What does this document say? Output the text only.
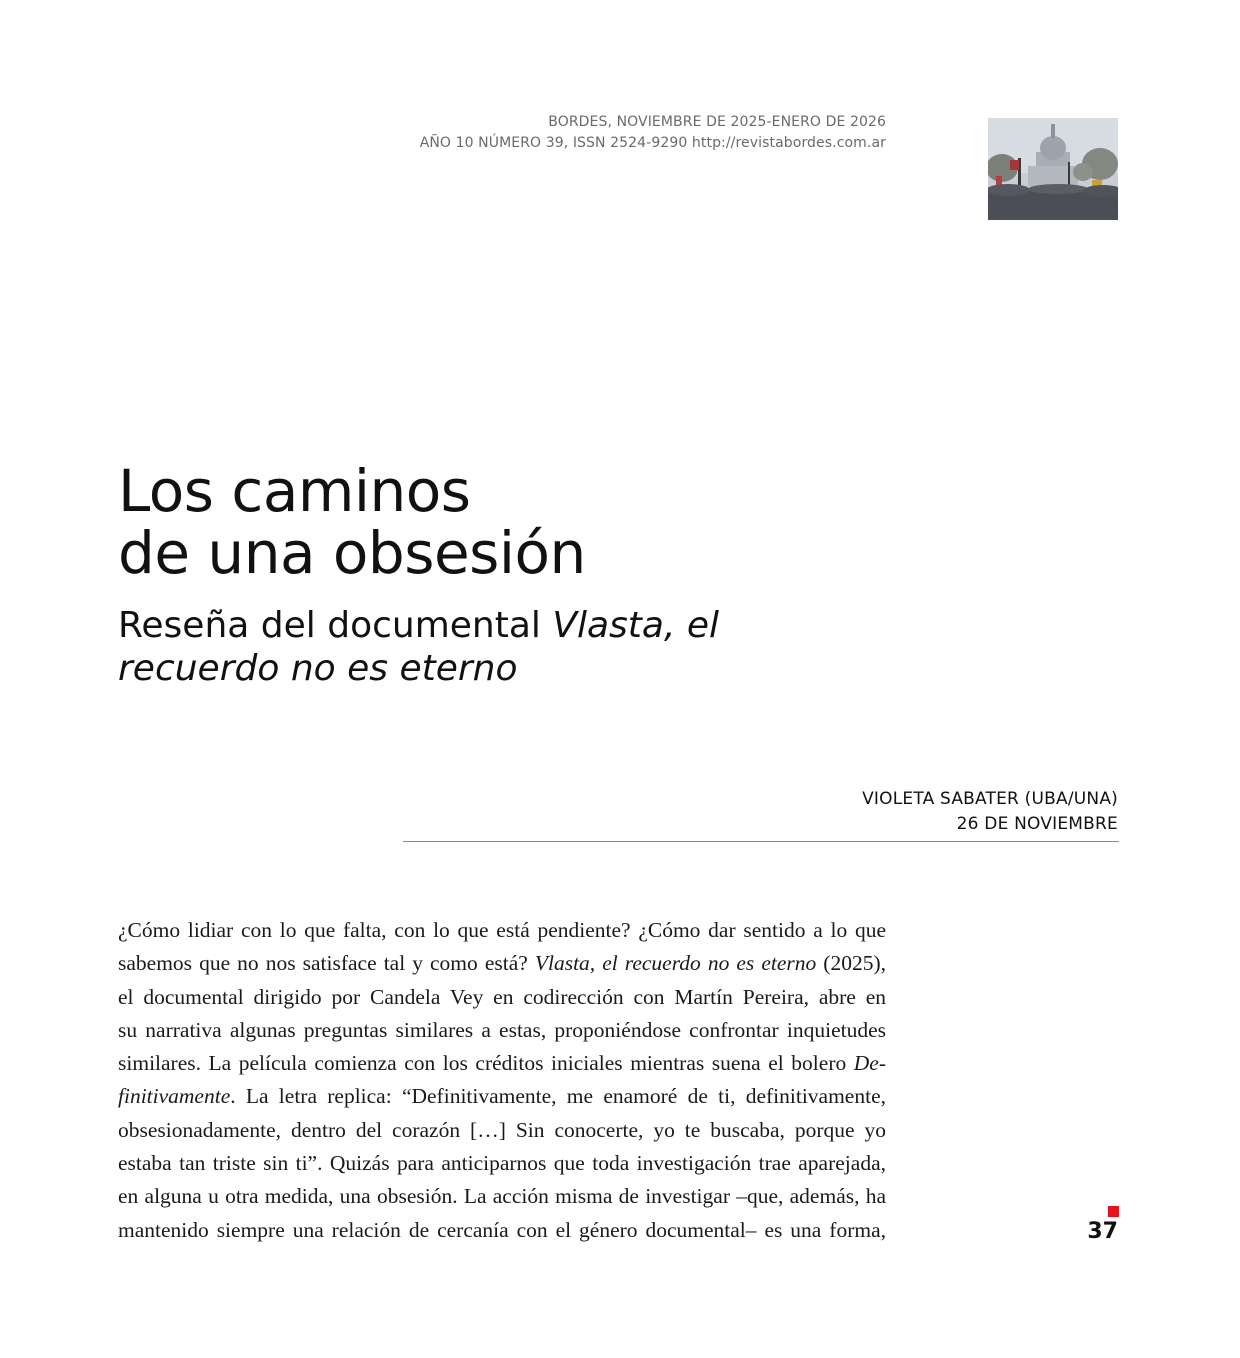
BORDES, NOVIEMBRE DE 2025-ENERO DE 2026
AÑO 10 NÚMERO 39, ISSN 2524-9290 http://revistabordes.com.ar
Los caminos
de una obsesión
Reseña del documental Vlasta, el
recuerdo no es eterno
VIOLETA SABATER (UBA/UNA)
26 DE NOVIEMBRE

¿Cómo lidiar con lo que falta, con lo que está pendiente? ¿Cómo dar sentido a lo que
sabemos que no nos satisface tal y como está? Vlasta, el recuerdo no es eterno (2025),
el documental dirigido por Candela Vey en codirección con Martín Pereira, abre en
su narrativa algunas preguntas similares a estas, proponiéndose confrontar inquietudes
similares. La película comienza con los créditos iniciales mientras suena el bolero De-
finitivamente. La letra replica: “Definitivamente, me enamoré de ti, definitivamente,
obsesionadamente, dentro del corazón […] Sin conocerte, yo te buscaba, porque yo
estaba tan triste sin ti”. Quizás para anticiparnos que toda investigación trae aparejada,
en alguna u otra medida, una obsesión. La acción misma de investigar –que, además, ha
mantenido siempre una relación de cercanía con el género documental– es una forma,	37
